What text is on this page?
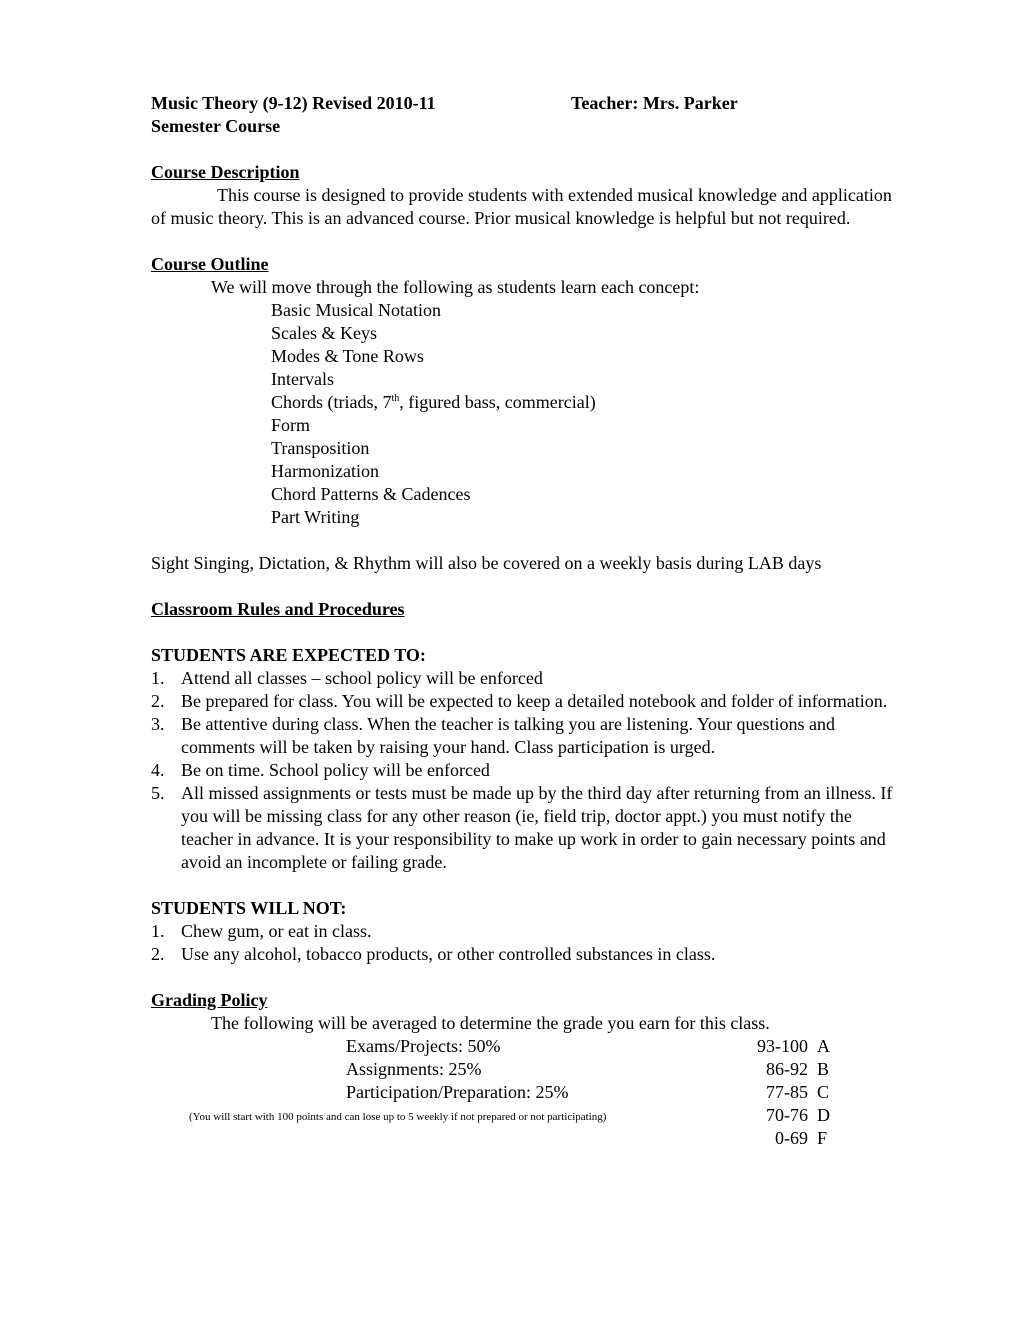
Music Theory (9-12) Revised 2010-11	Teacher: Mrs. Parker

Semester Course

Course Description

This course is designed to provide students with extended musical knowledge and application of music theory. This is an advanced course. Prior musical knowledge is helpful but not required.

Course Outline

We will move through the following as students learn each concept:

Basic Musical Notation

Scales & Keys

Modes & Tone Rows

Intervals

Chords (triads, 7th, figured bass, commercial)

Form

Transposition

Harmonization

Chord Patterns & Cadences

Part Writing

Sight Singing, Dictation, & Rhythm will also be covered on a weekly basis during LAB days

Classroom Rules and Procedures

STUDENTS ARE EXPECTED TO:

1. Attend all classes – school policy will be enforced
2. Be prepared for class. You will be expected to keep a detailed notebook and folder of information.
3. Be attentive during class. When the teacher is talking you are listening. Your questions and comments will be taken by raising your hand. Class participation is urged.
4. Be on time. School policy will be enforced
5. All missed assignments or tests must be made up by the third day after returning from an illness. If you will be missing class for any other reason (ie, field trip, doctor appt.) you must notify the teacher in advance. It is your responsibility to make up work in order to gain necessary points and avoid an incomplete or failing grade.

STUDENTS WILL NOT:

1. Chew gum, or eat in class.
2. Use any alcohol, tobacco products, or other controlled substances in class.

Grading Policy

The following will be averaged to determine the grade you earn for this class.

Exams/Projects: 50%	93-100 A
Assignments: 25%	86-92 B
Participation/Preparation: 25%	77-85 C
(You will start with 100 points and can lose up to 5 weekly if not prepared or not participating)	70-76 D
0-69 F
